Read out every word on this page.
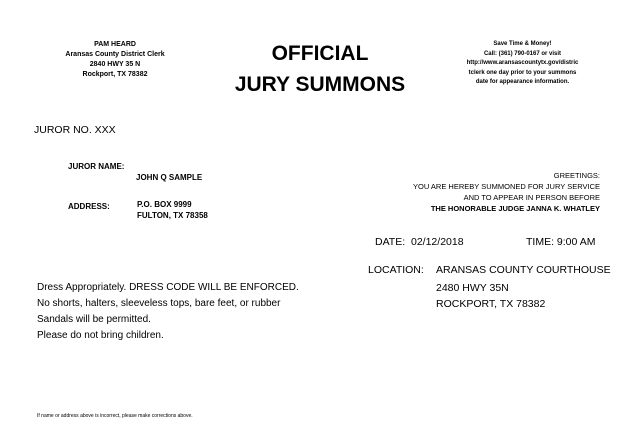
PAM HEARD
Aransas County District Clerk
2840 HWY 35 N
Rockport, TX 78382
OFFICIAL
JURY SUMMONS
Save Time & Money!
Call: (361) 790-0167 or visit
http://www.aransascountytx.gov/distric
tclerk one day prior to your summons
date for appearance information.
JUROR NO. XXX
JUROR NAME:
JOHN Q SAMPLE
ADDRESS:	P.O. BOX 9999
FULTON, TX 78358
GREETINGS:
YOU ARE HEREBY SUMMONED FOR JURY SERVICE
AND TO APPEAR IN PERSON BEFORE
THE HONORABLE JUDGE JANNA K. WHATLEY
DATE: 02/12/2018	TIME: 9:00 AM
LOCATION: ARANSAS COUNTY COURTHOUSE
2480 HWY 35N
ROCKPORT, TX 78382
Dress Appropriately. DRESS CODE WILL BE ENFORCED.
No shorts, halters, sleeveless tops, bare feet, or rubber
Sandals will be permitted.
Please do not bring children.
If name or address above is incorrect, please make corrections above.
